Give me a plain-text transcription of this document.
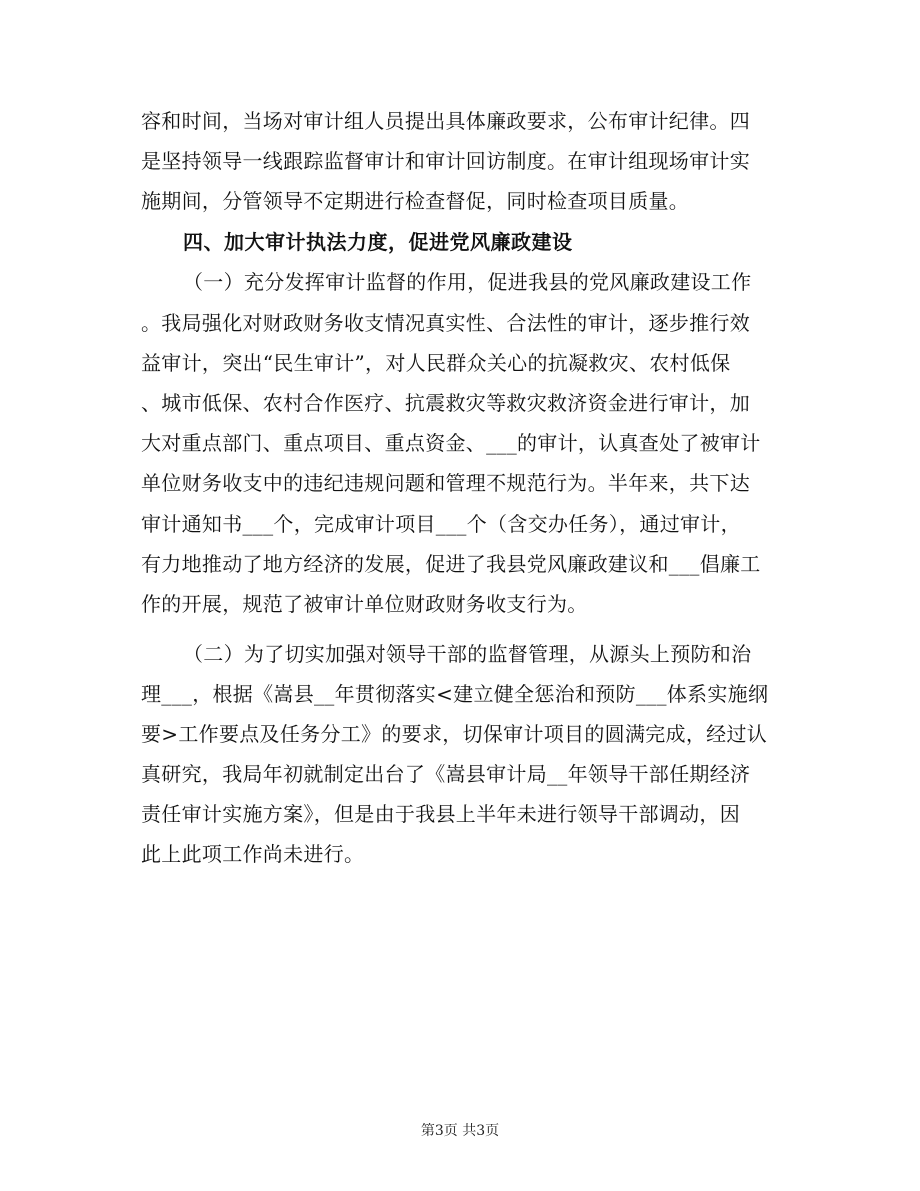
容和时间，当场对审计组人员提出具体廉政要求，公布审计纪律。四
是坚持领导一线跟踪监督审计和审计回访制度。在审计组现场审计实
施期间，分管领导不定期进行检查督促，同时检查项目质量。
四、加大审计执法力度，促进党风廉政建设
（一）充分发挥审计监督的作用，促进我县的党风廉政建设工作
。我局强化对财政财务收支情况真实性、合法性的审计，逐步推行效
益审计，突出“民生审计”，对人民群众关心的抗凝救灾、农村低保
、城市低保、农村合作医疗、抗震救灾等救灾救济资金进行审计，加
大对重点部门、重点项目、重点资金、___的审计，认真查处了被审计
单位财务收支中的违纪违规问题和管理不规范行为。半年来，共下达
审计通知书___个，完成审计项目___个（含交办任务），通过审计，
有力地推动了地方经济的发展，促进了我县党风廉政建议和___倡廉工
作的开展，规范了被审计单位财政财务收支行为。
（二）为了切实加强对领导干部的监督管理，从源头上预防和治
理___，根据《嵩县__年贯彻落实<建立健全惩治和预防___体系实施纲
要>工作要点及任务分工》的要求，切保审计项目的圆满完成，经过认
真研究，我局年初就制定出台了《嵩县审计局__年领导干部任期经济
责任审计实施方案》，但是由于我县上半年未进行领导干部调动，因
此上此项工作尚未进行。
第3页 共3页
